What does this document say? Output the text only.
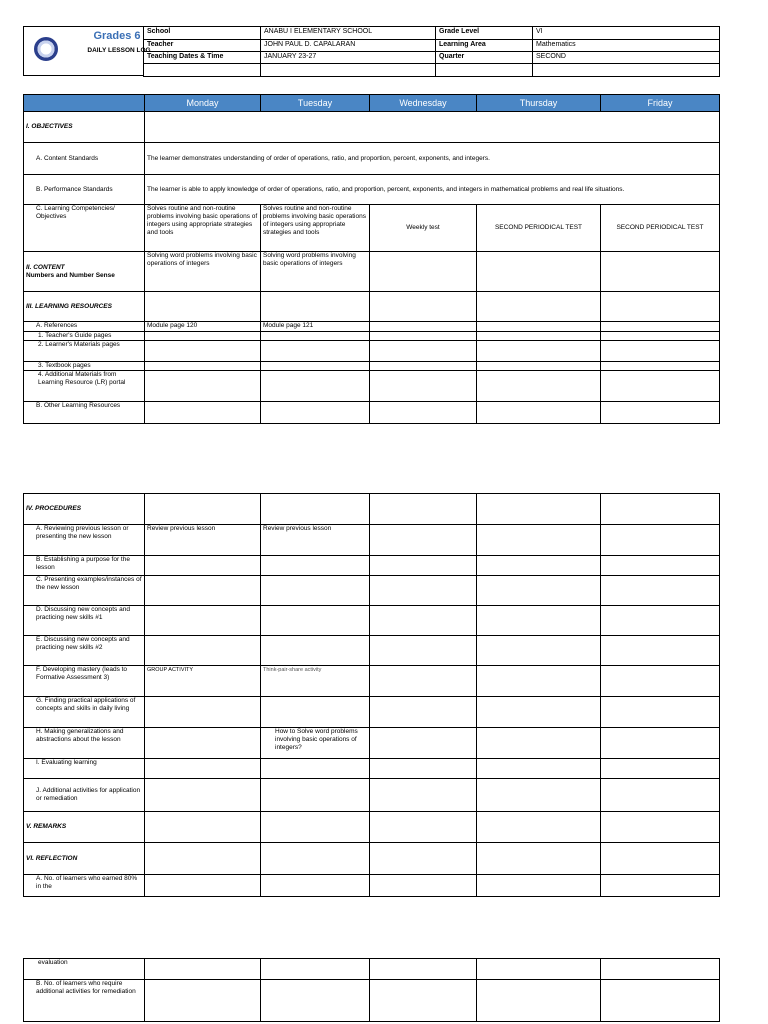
Grades 6
DAILY LESSON LOG
School	ANABU I ELEMENTARY SCHOOL	Grade Level	VI
Teacher	JOHN PAUL D. CAPALARAN	Learning Area	Mathematics
Teaching Dates & Time	JANUARY 23-27	Quarter	SECOND

	Monday	Tuesday	Wednesday	Thursday	Friday
I. OBJECTIVES					
A. Content Standards	The learner demonstrates understanding of order of operations, ratio, and proportion, percent, exponents, and integers.				
B. Performance Standards	The learner is able to apply knowledge of order of operations, ratio, and proportion, percent, exponents, and integers in mathematical problems and real life situations.				
C. Learning Competencies/ Objectives	Solves routine and non-routine problems involving basic operations of integers using appropriate strategies and tools	Solves routine and non-routine problems involving basic operations of integers using appropriate strategies and tools	Weekly test	SECOND PERIODICAL TEST	SECOND PERIODICAL TEST

II. CONTENT
Numbers and Number Sense	Solving word problems involving basic operations of integers	Solving word problems involving basic operations of integers			
III. LEARNING RESOURCES					
A. References	Module page 120	Module page 121			
1. Teacher's Guide pages					
2. Learner's Materials pages					
3. Textbook pages					
4. Additional Materials from Learning Resource (LR) portal					
B. Other Learning Resources					
IV. PROCEDURES					
A. Reviewing previous lesson or presenting the new lesson	Review previous lesson	Review previous lesson			
B. Establishing a purpose for the lesson					
C. Presenting examples/instances of the new lesson					
D. Discussing new concepts and practicing new skills #1					
E. Discussing new concepts and practicing new skills #2					
F. Developing mastery (leads to Formative Assessment 3)	GROUP ACTIVITY	Think-pair-share activity			
G. Finding practical applications of concepts and skills in daily living					
H. Making generalizations and abstractions about the lesson		How to Solve word problems involving basic operations of integers?			
I. Evaluating learning					
J. Additional activities for application or remediation					
V. REMARKS					
VI. REFLECTION					
A. No. of learners who earned 80% in the					
evaluation					
B. No. of learners who require additional activities for remediation					
